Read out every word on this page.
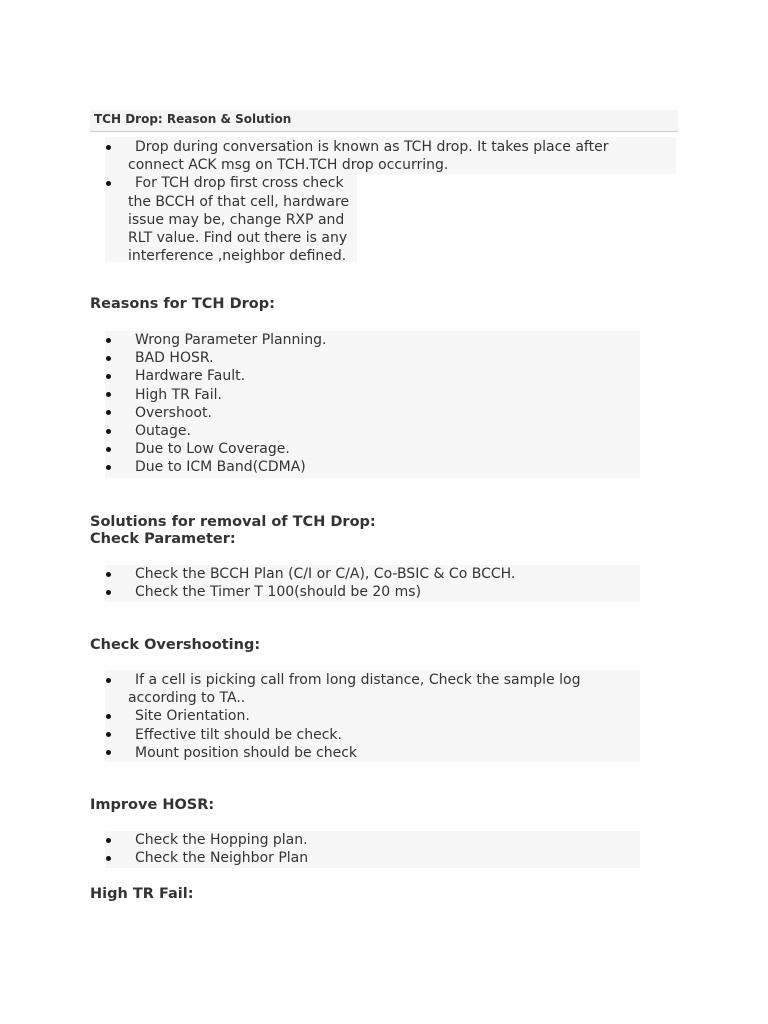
TCH Drop: Reason & Solution
Drop during conversation is known as TCH drop. It takes place after connect ACK msg on TCH.TCH drop occurring.
For TCH drop first cross check the BCCH of that cell, hardware issue may be, change RXP and RLT value. Find out there is any interference ,neighbor defined.
Reasons for TCH Drop:
Wrong Parameter Planning.
BAD HOSR.
Hardware Fault.
High TR Fail.
Overshoot.
Outage.
Due to Low Coverage.
Due to ICM Band(CDMA)
Solutions for removal of TCH Drop:
Check Parameter:
Check the BCCH Plan (C/I or C/A), Co-BSIC & Co BCCH.
Check the Timer T 100(should be 20 ms)
Check Overshooting:
If a cell is picking call from long distance, Check the sample log according to TA..
Site Orientation.
Effective tilt should be check.
Mount position should be check
Improve HOSR:
Check the Hopping plan.
Check the Neighbor Plan
High TR Fail:
